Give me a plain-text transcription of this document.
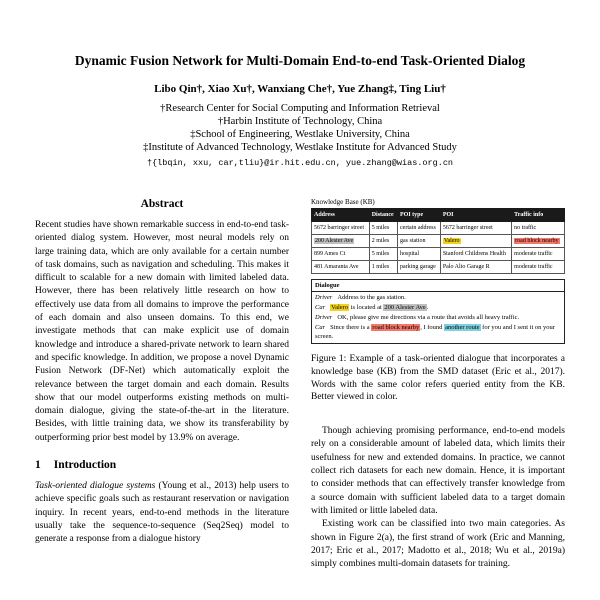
Dynamic Fusion Network for Multi-Domain End-to-end Task-Oriented Dialog
Libo Qin†, Xiao Xu†, Wanxiang Che†, Yue Zhang‡, Ting Liu†
†Research Center for Social Computing and Information Retrieval
†Harbin Institute of Technology, China
‡School of Engineering, Westlake University, China
‡Institute of Advanced Technology, Westlake Institute for Advanced Study
†{lbqin, xxu, car,tliu}@ir.hit.edu.cn, yue.zhang@wias.org.cn
Abstract

Recent studies have shown remarkable success in end-to-end task-oriented dialog system. However, most neural models rely on large training data, which are only available for a certain number of task domains, such as navigation and scheduling. This makes it difficult to scalable for a new domain with limited labeled data. However, there has been relatively little research on how to effectively use data from all domains to improve the performance of each domain and also unseen domains. To this end, we investigate methods that can make explicit use of domain knowledge and introduce a shared-private network to learn shared and specific knowledge. In addition, we propose a novel Dynamic Fusion Network (DF-Net) which automatically exploit the relevance between the target domain and each domain. Results show that our model outperforms existing methods on multi-domain dialogue, giving the state-of-the-art in the literature. Besides, with little training data, we show its transferability by outperforming prior best model by 13.9% on average.

1 Introduction

Task-oriented dialogue systems (Young et al., 2013) help users to achieve specific goals such as restaurant reservation or navigation inquiry. In recent years, end-to-end methods in the literature usually take the sequence-to-sequence (Seq2Seq) model to generate a response from a dialogue history

Knowledge Base (KB)
Address	Distance	POI type	POI	Traffic info
5672 barringer street	5 miles	certain address	5672 barringer street	no traffic
200 Alester Ave	2 miles	gas station	Valero	road block nearby
899 Ames Ct	5 miles	hospital	Stanford Childrens Health	moderate traffic
481 Amaranta Ave	1 miles	parking garage	Palo Alto Garage R	moderate traffic
Dialogue
Driver Address to the gas station.
Car Valero is located at 200 Alester Ave.
Driver OK, please give me directions via a route that avoids all heavy traffic.
Car Since there is a road block nearby, I found another route for you and I sent it on your screen.
Figure 1: Example of a task-oriented dialogue that incorporates a knowledge base (KB) from the SMD dataset (Eric et al., 2017). Words with the same color refers queried entity from the KB. Better viewed in color.

Though achieving promising performance, end-to-end models rely on a considerable amount of labeled data, which limits their usefulness for new and extended domains. In practice, we cannot collect rich datasets for each new domain. Hence, it is important to consider methods that can effectively transfer knowledge from a source domain with sufficient labeled data to a target domain with limited or little labeled data.

Existing work can be classified into two main categories. As shown in Figure 2(a), the first strand of work (Eric and Manning, 2017; Eric et al., 2017; Madotto et al., 2018; Wu et al., 2019a) simply combines multi-domain datasets for training.
